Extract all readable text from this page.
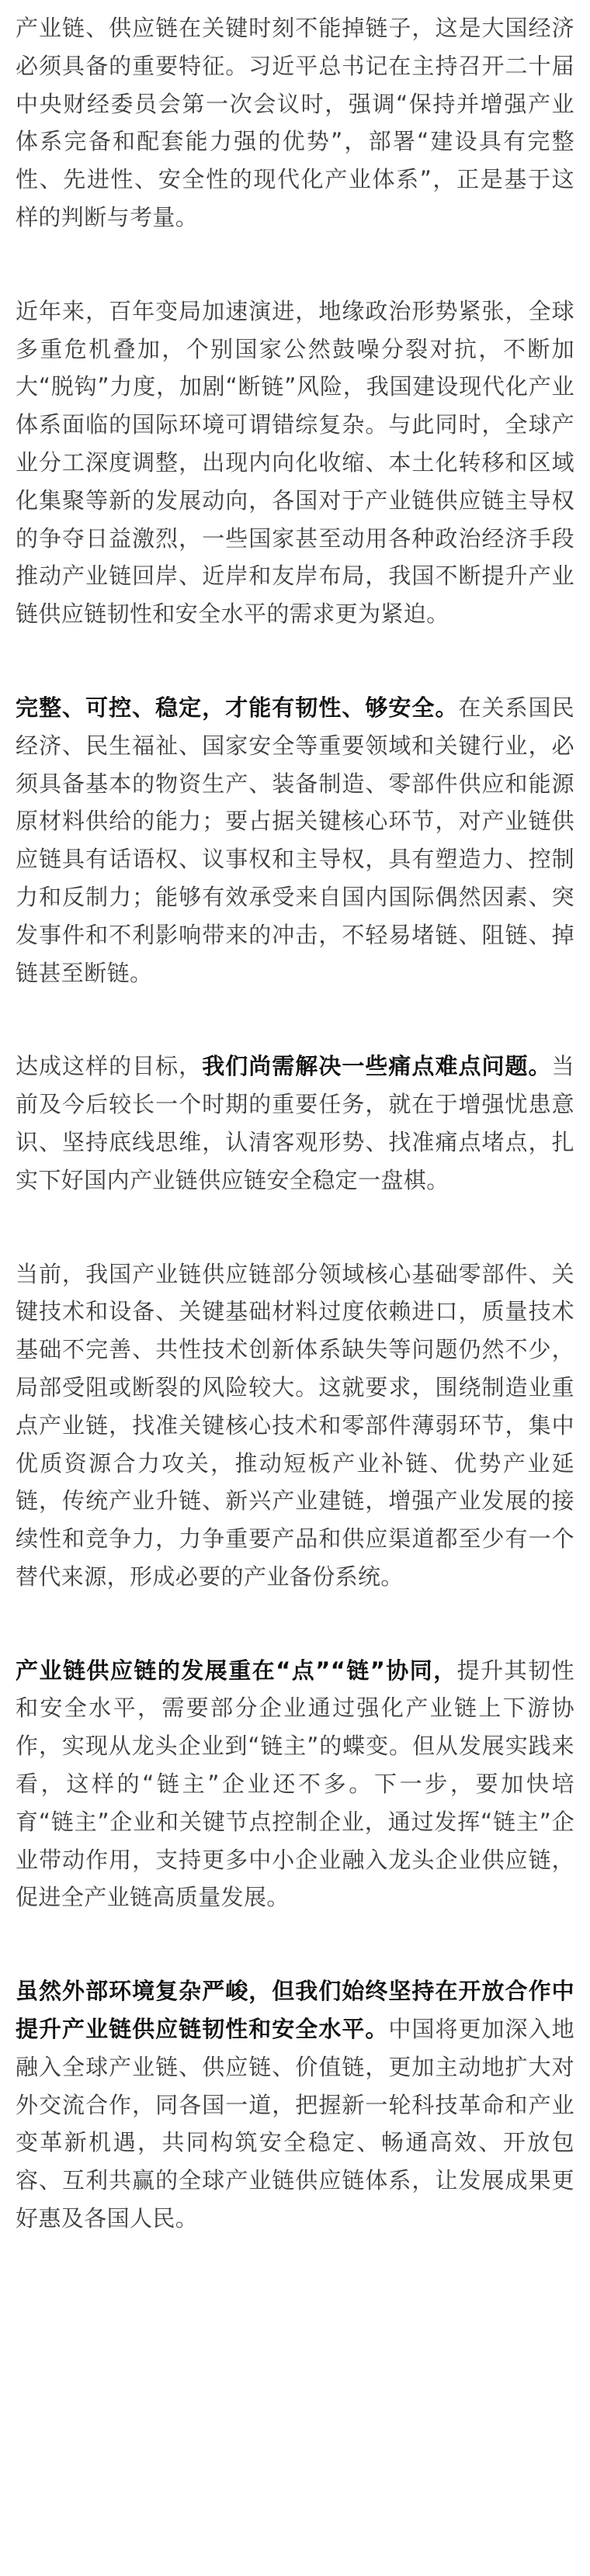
产业链、供应链在关键时刻不能掉链子，这是大国经济必须具备的重要特征。习近平总书记在主持召开二十届中央财经委员会第一次会议时，强调“保持并增强产业体系完备和配套能力强的优势”，部署“建设具有完整性、先进性、安全性的现代化产业体系”，正是基于这样的判断与考量。

近年来，百年变局加速演进，地缘政治形势紧张，全球多重危机叠加，个别国家公然鼓噪分裂对抗，不断加大“脱钩”力度，加剧“断链”风险，我国建设现代化产业体系面临的国际环境可谓错综复杂。与此同时，全球产业分工深度调整，出现内向化收缩、本土化转移和区域化集聚等新的发展动向，各国对于产业链供应链主导权的争夺日益激烈，一些国家甚至动用各种政治经济手段推动产业链回岸、近岸和友岸布局，我国不断提升产业链供应链韧性和安全水平的需求更为紧迫。

完整、可控、稳定，才能有韧性、够安全。在关系国民经济、民生福祉、国家安全等重要领域和关键行业，必须具备基本的物资生产、装备制造、零部件供应和能源原材料供给的能力；要占据关键核心环节，对产业链供应链具有话语权、议事权和主导权，具有塑造力、控制力和反制力；能够有效承受来自国内国际偶然因素、突发事件和不利影响带来的冲击，不轻易堵链、阻链、掉链甚至断链。

达成这样的目标，我们尚需解决一些痛点难点问题。当前及今后较长一个时期的重要任务，就在于增强忧患意识、坚持底线思维，认清客观形势、找准痛点堵点，扎实下好国内产业链供应链安全稳定一盘棋。

当前，我国产业链供应链部分领域核心基础零部件、关键技术和设备、关键基础材料过度依赖进口，质量技术基础不完善、共性技术创新体系缺失等问题仍然不少，局部受阻或断裂的风险较大。这就要求，围绕制造业重点产业链，找准关键核心技术和零部件薄弱环节，集中优质资源合力攻关，推动短板产业补链、优势产业延链，传统产业升链、新兴产业建链，增强产业发展的接续性和竞争力，力争重要产品和供应渠道都至少有一个替代来源，形成必要的产业备份系统。

产业链供应链的发展重在“点”“链”协同，提升其韧性和安全水平，需要部分企业通过强化产业链上下游协作，实现从龙头企业到“链主”的蝶变。但从发展实践来看，这样的“链主”企业还不多。下一步，要加快培育“链主”企业和关键节点控制企业，通过发挥“链主”企业带动作用，支持更多中小企业融入龙头企业供应链，促进全产业链高质量发展。

虽然外部环境复杂严峻，但我们始终坚持在开放合作中提升产业链供应链韧性和安全水平。中国将更加深入地融入全球产业链、供应链、价值链，更加主动地扩大对外交流合作，同各国一道，把握新一轮科技革命和产业变革新机遇，共同构筑安全稳定、畅通高效、开放包容、互利共赢的全球产业链供应链体系，让发展成果更好惠及各国人民。
